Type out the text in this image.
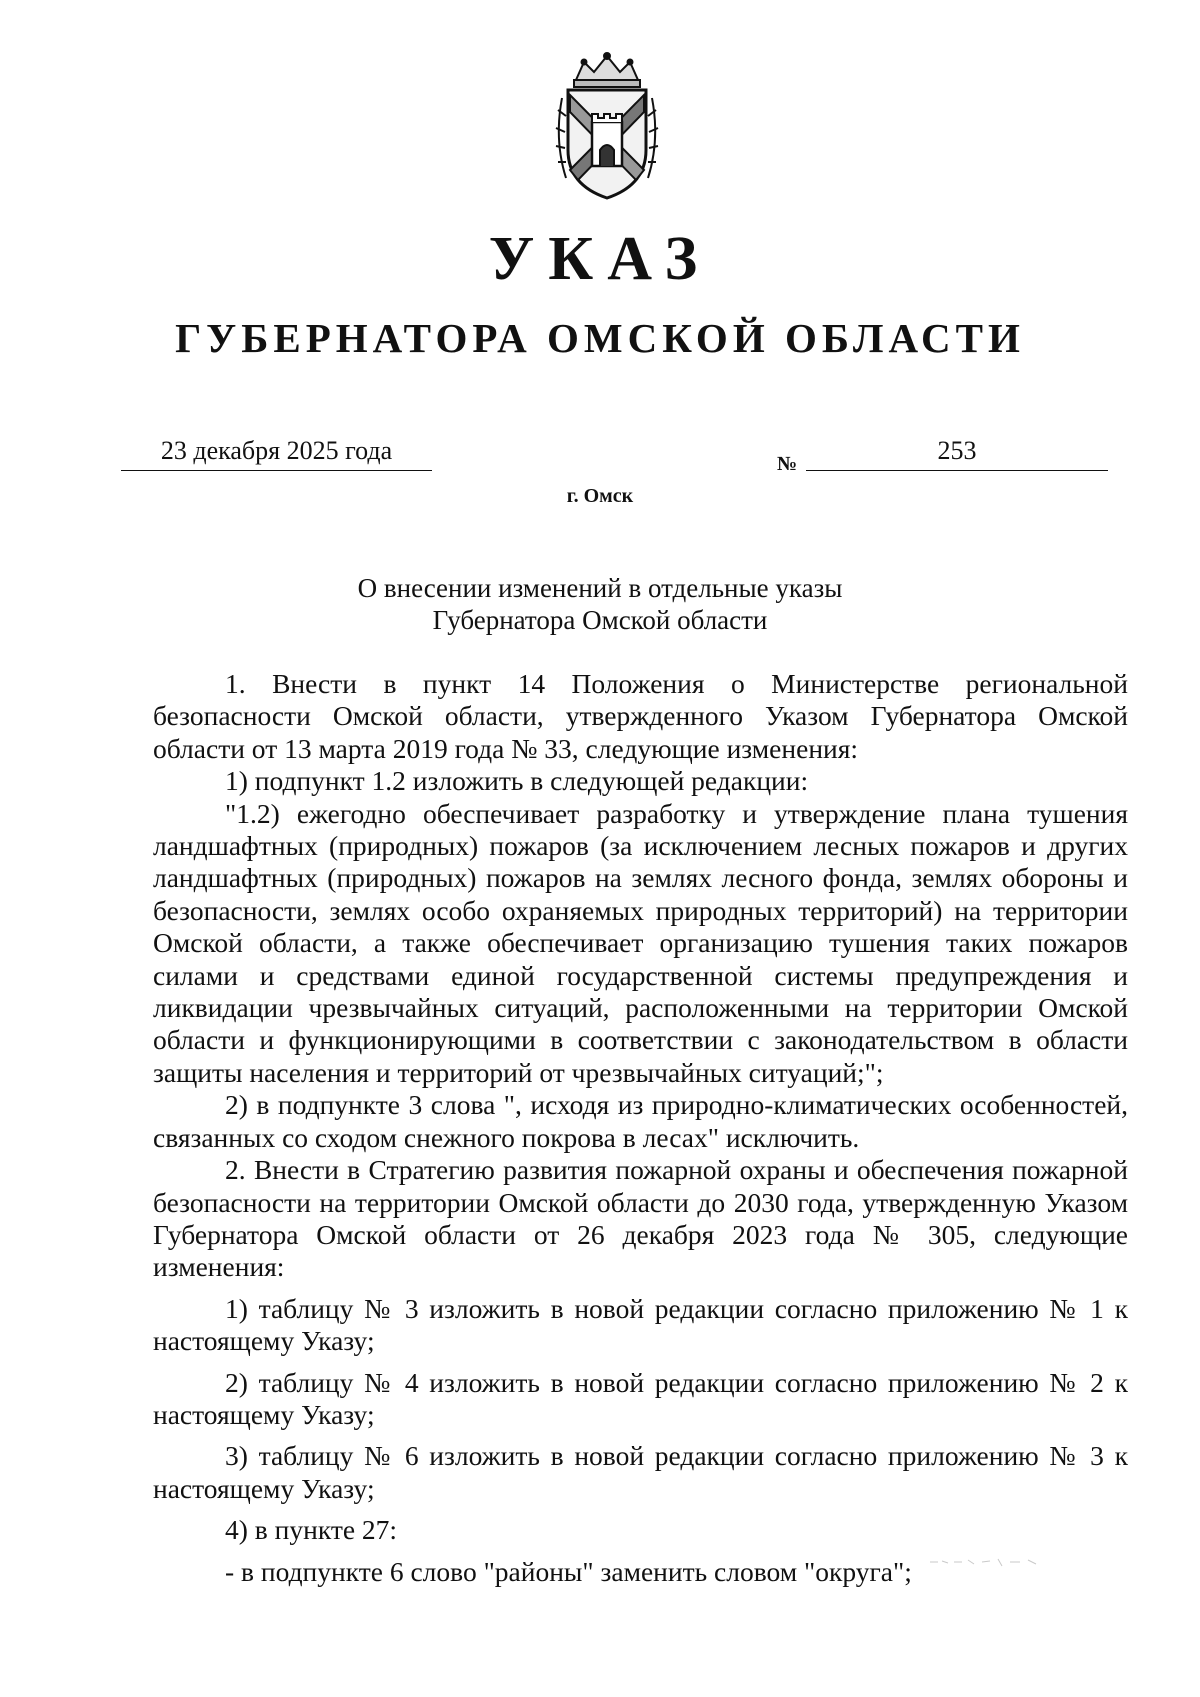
УКАЗ
ГУБЕРНАТОРА ОМСКОЙ ОБЛАСТИ
23 декабря 2025 года	№	253
г. Омск
О внесении изменений в отдельные указы
Губернатора Омской области

1. Внести в пункт 14 Положения о Министерстве региональной безопасности Омской области, утвержденного Указом Губернатора Омской области от 13 марта 2019 года № 33, следующие изменения:

1) подпункт 1.2 изложить в следующей редакции:

"1.2) ежегодно обеспечивает разработку и утверждение плана тушения ландшафтных (природных) пожаров (за исключением лесных пожаров и других ландшафтных (природных) пожаров на землях лесного фонда, землях обороны и безопасности, землях особо охраняемых природных территорий) на территории Омской области, а также обеспечивает организацию тушения таких пожаров силами и средствами единой государственной системы предупреждения и ликвидации чрезвычайных ситуаций, расположенными на территории Омской области и функционирующими в соответствии с законодательством в области защиты населения и территорий от чрезвычайных ситуаций;";

2) в подпункте 3 слова ", исходя из природно-климатических особенностей, связанных со сходом снежного покрова в лесах" исключить.

2. Внести в Стратегию развития пожарной охраны и обеспечения пожарной безопасности на территории Омской области до 2030 года, утвержденную Указом Губернатора Омской области от 26 декабря 2023 года № 305, следующие изменения:

1) таблицу № 3 изложить в новой редакции согласно приложению № 1 к настоящему Указу;

2) таблицу № 4 изложить в новой редакции согласно приложению № 2 к настоящему Указу;

3) таблицу № 6 изложить в новой редакции согласно приложению № 3 к настоящему Указу;

4) в пункте 27:

- в подпункте 6 слово "районы" заменить словом "округа";
